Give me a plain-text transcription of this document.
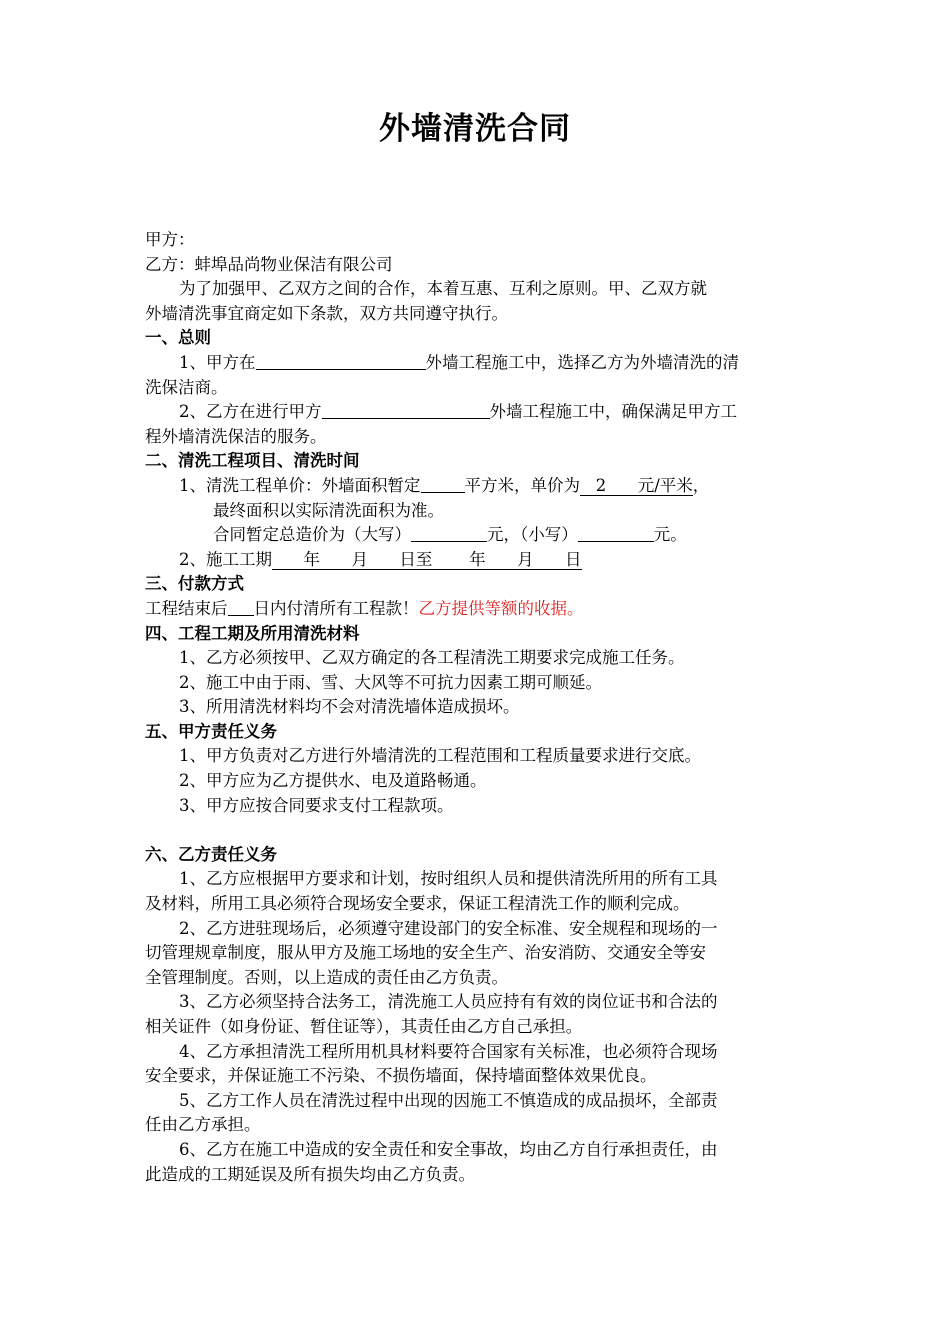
外墙清洗合同
甲方：
乙方：蚌埠品尚物业保洁有限公司
为了加强甲、乙双方之间的合作，本着互惠、互利之原则。甲、乙双方就
外墙清洗事宜商定如下条款，双方共同遵守执行。
一、总则
1、甲方在	外墙工程施工中，选择乙方为外墙清洗的清
洗保洁商。
2、乙方在进行甲方	外墙工程施工中，确保满足甲方工
程外墙清洗保洁的服务。
二、清洗工程项目、清洗时间
1、清洗工程单价：外墙面积暂定	平方米，单价为   2      元/平米，
最终面积以实际清洗面积为准。
合同暂定总造价为（大写）	元，（小写）	元。
2、施工工期      年      月      日至       年      月      日
三、付款方式
工程结束后 日内付清所有工程款！乙方提供等额的收据。
四、工程工期及所用清洗材料
1、乙方必须按甲、乙双方确定的各工程清洗工期要求完成施工任务。
2、施工中由于雨、雪、大风等不可抗力因素工期可顺延。
3、所用清洗材料均不会对清洗墙体造成损坏。
五、甲方责任义务
1、甲方负责对乙方进行外墙清洗的工程范围和工程质量要求进行交底。
2、甲方应为乙方提供水、电及道路畅通。
3、甲方应按合同要求支付工程款项。
六、乙方责任义务
1、乙方应根据甲方要求和计划，按时组织人员和提供清洗所用的所有工具
及材料，所用工具必须符合现场安全要求，保证工程清洗工作的顺利完成。
2、乙方进驻现场后，必须遵守建设部门的安全标准、安全规程和现场的一
切管理规章制度，服从甲方及施工场地的安全生产、治安消防、交通安全等安
全管理制度。否则，以上造成的责任由乙方负责。
3、乙方必须坚持合法务工，清洗施工人员应持有有效的岗位证书和合法的
相关证件（如身份证、暂住证等），其责任由乙方自己承担。
4、乙方承担清洗工程所用机具材料要符合国家有关标准，也必须符合现场
安全要求，并保证施工不污染、不损伤墙面，保持墙面整体效果优良。
5、乙方工作人员在清洗过程中出现的因施工不慎造成的成品损坏，全部责
任由乙方承担。
6、乙方在施工中造成的安全责任和安全事故，均由乙方自行承担责任，由
此造成的工期延误及所有损失均由乙方负责。
